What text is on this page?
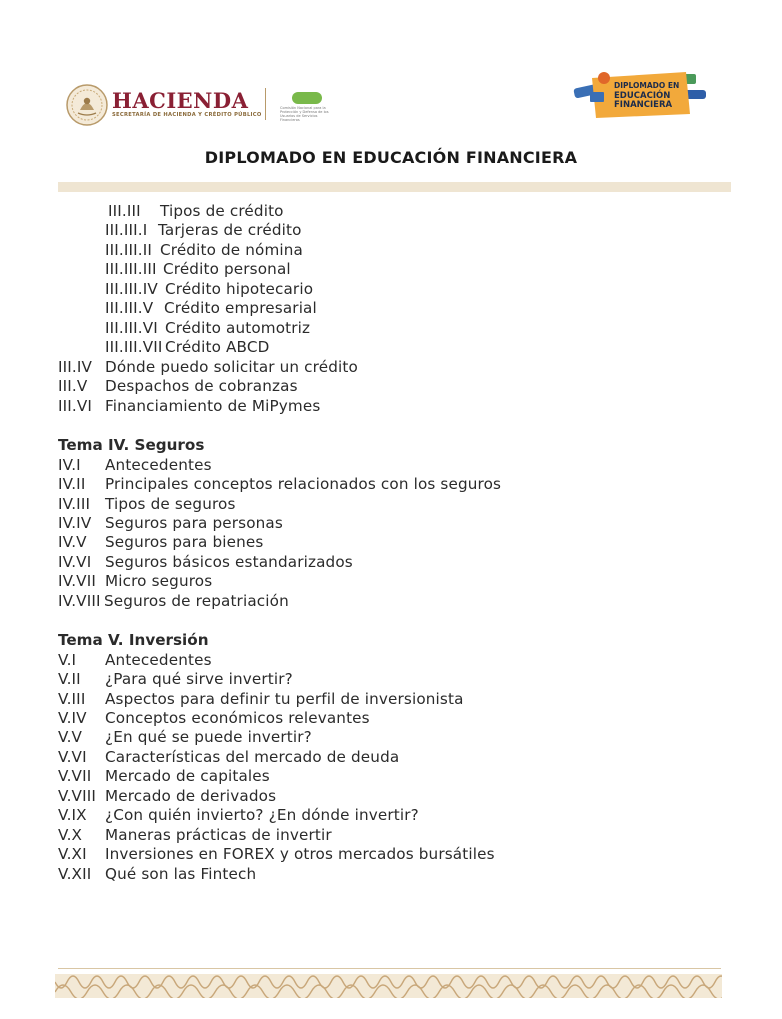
HACIENDA
SECRETARÍA DE HACIENDA Y CRÉDITO PÚBLICO
Comisión Nacional para la Protección y Defensa de los Usuarios de Servicios Financieros
DIPLOMADO EN
EDUCACIÓN
FINANCIERA
DIPLOMADO EN EDUCACIÓN FINANCIERA
III.III Tipos de crédito
III.III.I Tarjeras de crédito
III.III.II Crédito de nómina
III.III.III Crédito personal
III.III.IV Crédito hipotecario
III.III.V Crédito empresarial
III.III.VI Crédito automotriz
III.III.VII Crédito ABCD
III.IV Dónde puedo solicitar un crédito
III.V Despachos de cobranzas
III.VI Financiamiento de MiPymes
Tema IV. Seguros
IV.I Antecedentes
IV.II Principales conceptos relacionados con los seguros
IV.III Tipos de seguros
IV.IV Seguros para personas
IV.V Seguros para bienes
IV.VI Seguros básicos estandarizados
IV.VII Micro seguros
IV.VIII Seguros de repatriación
Tema V. Inversión
V.I Antecedentes
V.II ¿Para qué sirve invertir?
V.III Aspectos para definir tu perfil de inversionista
V.IV Conceptos económicos relevantes
V.V ¿En qué se puede invertir?
V.VI Características del mercado de deuda
V.VII Mercado de capitales
V.VIII Mercado de derivados
V.IX ¿Con quién invierto? ¿En dónde invertir?
V.X Maneras prácticas de invertir
V.XI Inversiones en FOREX y otros mercados bursátiles
V.XII Qué son las Fintech
